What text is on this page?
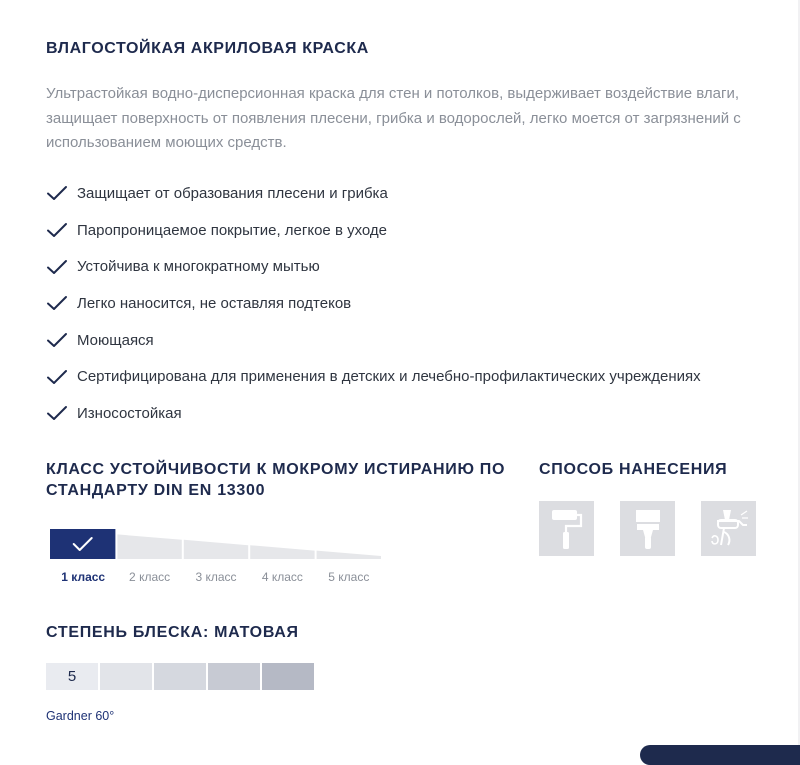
ВЛАГОСТОЙКАЯ АКРИЛОВАЯ КРАСКА

Ультрастойкая водно-дисперсионная краска для стен и потолков, выдерживает воздействие влаги, защищает поверхность от появления плесени, грибка и водорослей, легко моется от загрязнений с использованием моющих средств.

Защищает от образования плесени и грибка
Паропроницаемое покрытие, легкое в уходе
Устойчива к многократному мытью
Легко наносится, не оставляя подтеков
Моющаяся
Сертифицирована для применения в детских и лечебно-профилактических учреждениях
Износостойкая
КЛАСС УСТОЙЧИВОСТИ К МОКРОМУ ИСТИРАНИЮ ПО СТАНДАРТУ DIN EN 13300
1 класс 2 класс 3 класс 4 класс 5 класс
СПОСОБ НАНЕСЕНИЯ
СТЕПЕНЬ БЛЕСКА: МАТОВАЯ
5
Gardner 60°
